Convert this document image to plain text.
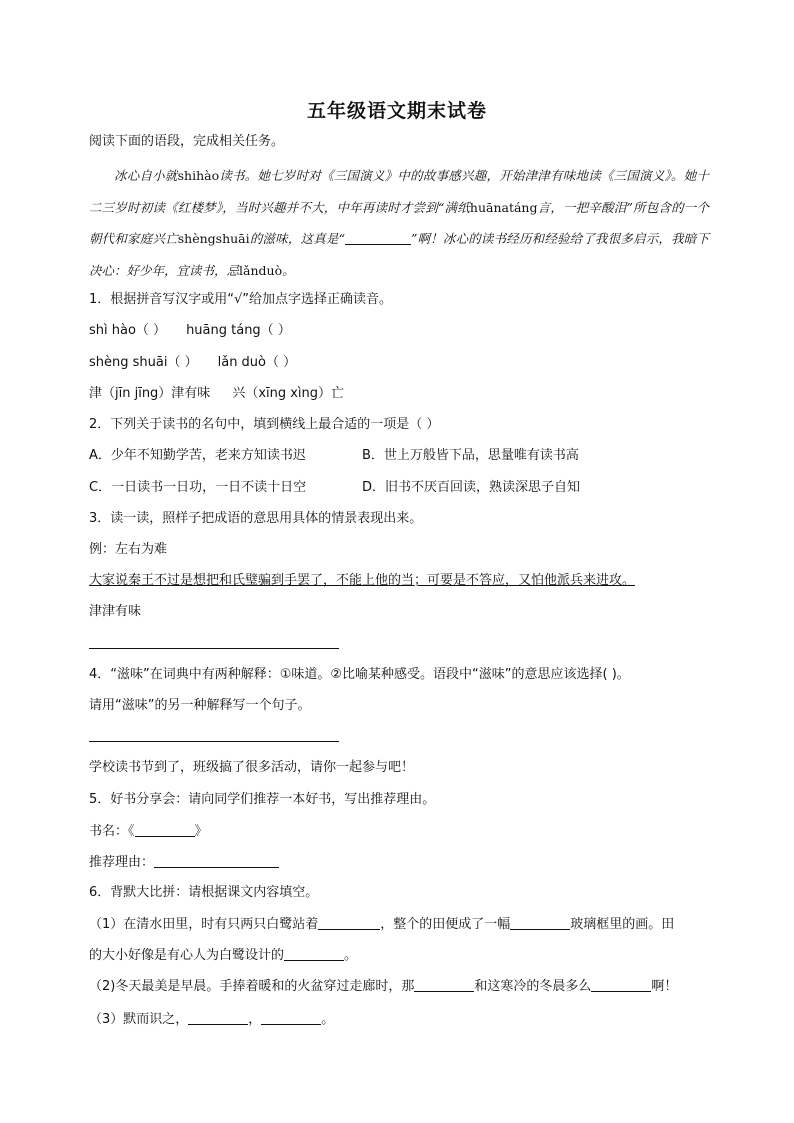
五年级语文期末试卷
阅读下面的语段，完成相关任务。
冰心自小就shihào读书。她七岁时对《三国演义》中的故事感兴趣，开始津津有味地读《三国演义》。她十二三岁时初读《红楼梦》，当时兴趣并不大，中年再读时才尝到“满纸huānatáng言，一把辛酸泪”所包含的一个朝代和家庭兴亡shèngshuāi的滋味，这真是“	”啊！冰心的读书经历和经验给了我很多启示，我暗下决心：好少年，宜读书，忌lǎnduò。
1．根据拼音写汉字或用“√”给加点字选择正确读音。
shì hào（ ） huāng táng（ ）
shèng shuāi（ ） lǎn duò（ ）
津（jīn jīng）津有味 兴（xīng xìng）亡
2．下列关于读书的名句中，填到横线上最合适的一项是（ ）
A．少年不知勤学苦，老来方知读书迟	B．世上万般皆下品，思量唯有读书高
C．一日读书一日功，一日不读十日空	D．旧书不厌百回读，熟读深思子自知
3．读一读，照样子把成语的意思用具体的情景表现出来。
例：左右为难
大家说秦王不过是想把和氏璧骗到手罢了，不能上他的当；可要是不答应，又怕他派兵来进攻。
津津有味
4．“滋味”在词典中有两种解释：①味道。②比喻某种感受。语段中“滋味”的意思应该选择( )。
请用“滋味”的另一种解释写一个句子。
学校读书节到了，班级搞了很多活动，请你一起参与吧！
5．好书分享会：请向同学们推荐一本好书，写出推荐理由。
书名：《	》
推荐理由：
6．背默大比拼：请根据课文内容填空。
（1）在清水田里，时有只两只白鹭站着	，整个的田便成了一幅	玻璃框里的画。田
的大小好像是有心人为白鹭设计的	。
（2)冬天最美是早晨。手捧着暖和的火盆穿过走廊时，那	和这寒冷的冬晨多么	啊！
（3）默而识之，	，	。
